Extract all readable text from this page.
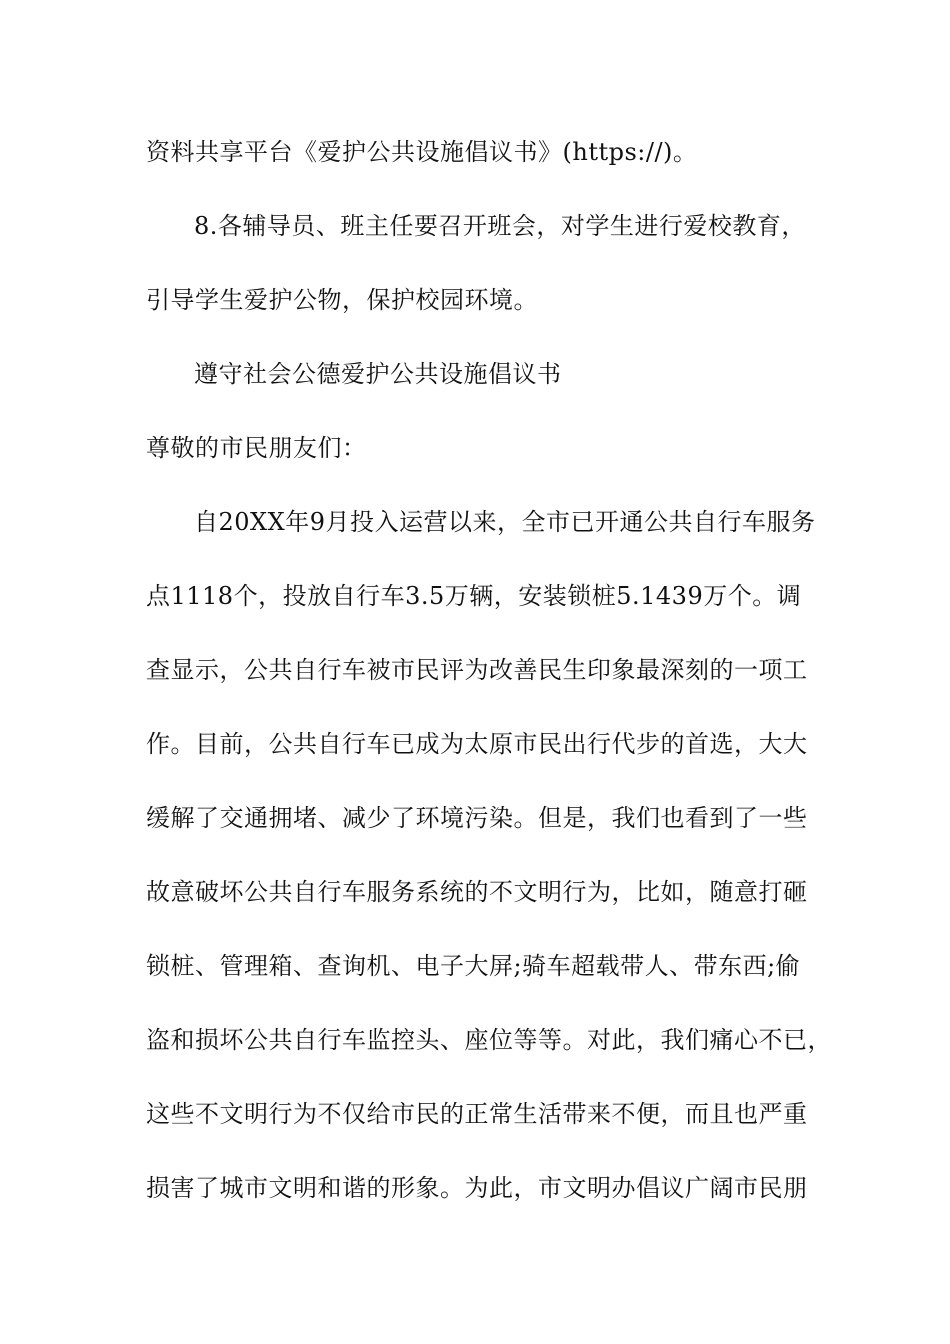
资料共享平台《爱护公共设施倡议书》(https://)。
8.各辅导员、班主任要召开班会，对学生进行爱校教育，
引导学生爱护公物，保护校园环境。
遵守社会公德爱护公共设施倡议书
尊敬的市民朋友们：
自20XX年9月投入运营以来，全市已开通公共自行车服务
点1118个，投放自行车3.5万辆，安装锁桩5.1439万个。调
查显示，公共自行车被市民评为改善民生印象最深刻的一项工
作。目前，公共自行车已成为太原市民出行代步的首选，大大
缓解了交通拥堵、减少了环境污染。但是，我们也看到了一些
故意破坏公共自行车服务系统的不文明行为，比如，随意打砸
锁桩、管理箱、查询机、电子大屏;骑车超载带人、带东西;偷
盗和损坏公共自行车监控头、座位等等。对此，我们痛心不已，
这些不文明行为不仅给市民的正常生活带来不便，而且也严重
损害了城市文明和谐的形象。为此，市文明办倡议广阔市民朋
